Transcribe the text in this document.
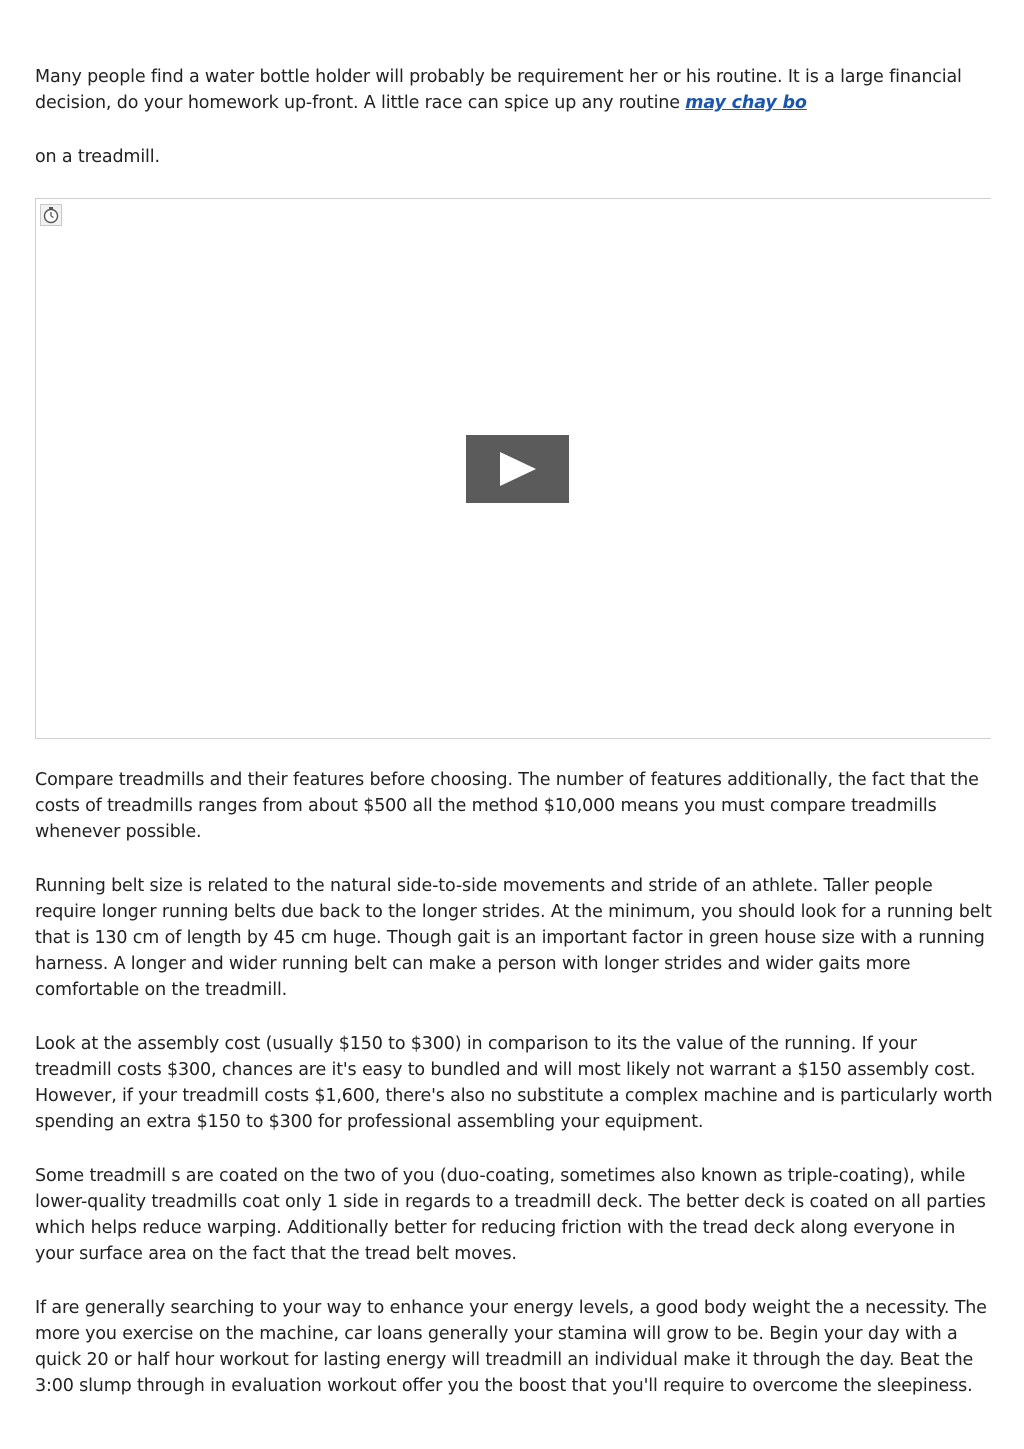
Many people find a water bottle holder will probably be requirement her or his routine. It is a large financial decision, do your homework up-front. A little race can spice up any routine may chay bo

on a treadmill.

Compare treadmills and their features before choosing. The number of features additionally, the fact that the costs of treadmills ranges from about $500 all the method $10,000 means you must compare treadmills whenever possible.

Running belt size is related to the natural side-to-side movements and stride of an athlete. Taller people require longer running belts due back to the longer strides. At the minimum, you should look for a running belt that is 130 cm of length by 45 cm huge. Though gait is an important factor in green house size with a running harness. A longer and wider running belt can make a person with longer strides and wider gaits more comfortable on the treadmill.

Look at the assembly cost (usually $150 to $300) in comparison to its the value of the running. If your treadmill costs $300, chances are it's easy to bundled and will most likely not warrant a $150 assembly cost. However, if your treadmill costs $1,600, there's also no substitute a complex machine and is particularly worth spending an extra $150 to $300 for professional assembling your equipment.

Some treadmill s are coated on the two of you (duo-coating, sometimes also known as triple-coating), while lower-quality treadmills coat only 1 side in regards to a treadmill deck. The better deck is coated on all parties which helps reduce warping. Additionally better for reducing friction with the tread deck along everyone in your surface area on the fact that the tread belt moves.

If are generally searching to your way to enhance your energy levels, a good body weight the a necessity. The more you exercise on the machine, car loans generally your stamina will grow to be. Begin your day with a quick 20 or half hour workout for lasting energy will treadmill an individual make it through the day. Beat the 3:00 slump through in evaluation workout offer you the boost that you'll require to overcome the sleepiness.
